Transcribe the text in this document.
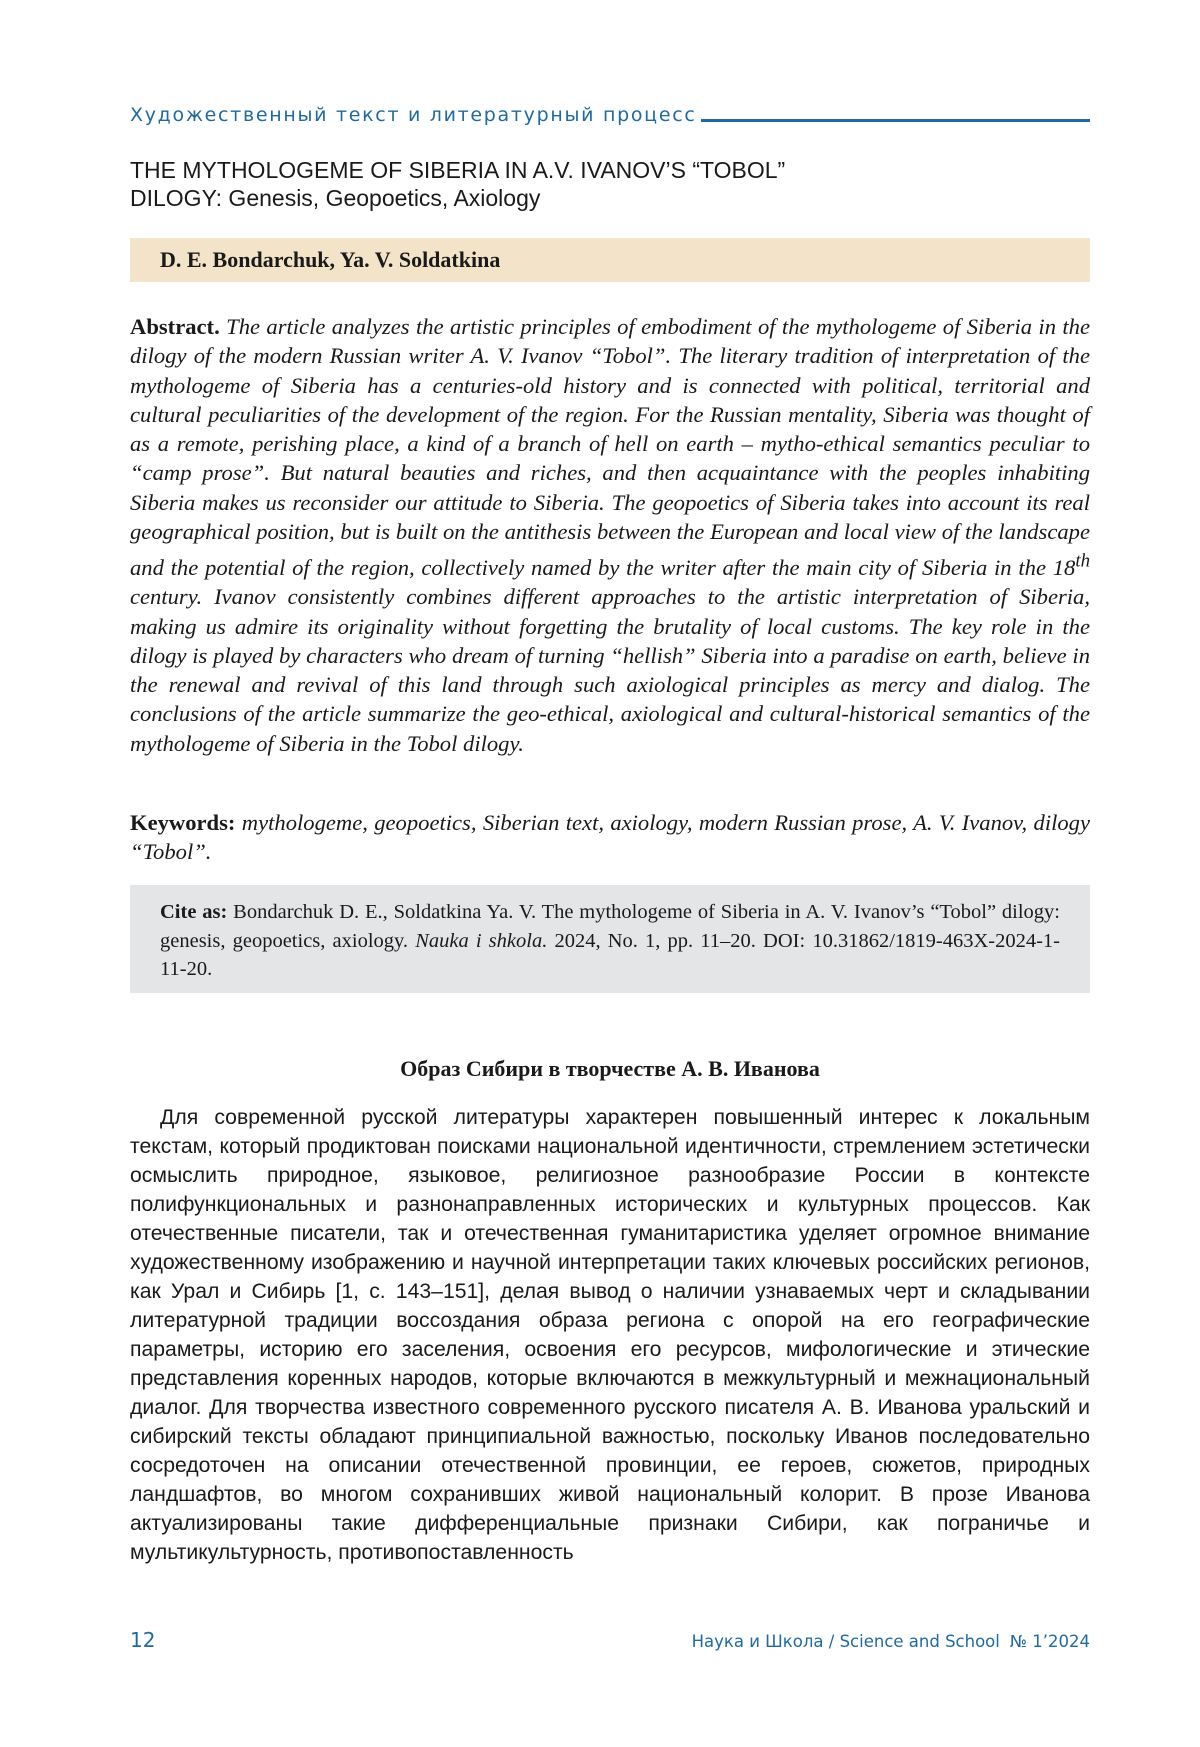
Художественный текст и литературный процесс
THE MYTHOLOGEME OF SIBERIA IN A.V. IVANOV’S “TOBOL”
DILOGY: Genesis, Geopoetics, Axiology
D. E. Bondarchuk, Ya. V. Soldatkina
Abstract. The article analyzes the artistic principles of embodiment of the mythologeme of Siberia in the dilogy of the modern Russian writer A. V. Ivanov “Tobol”. The literary tradition of interpretation of the mythologeme of Siberia has a centuries-old history and is connected with political, territorial and cultural peculiarities of the development of the region. For the Russian mentality, Siberia was thought of as a remote, perishing place, a kind of a branch of hell on earth – mytho-ethical semantics peculiar to “camp prose”. But natural beauties and riches, and then acquaintance with the peoples inhabiting Siberia makes us reconsider our attitude to Siberia. The geopoetics of Siberia takes into account its real geographical position, but is built on the antithesis between the European and local view of the landscape and the potential of the region, collectively named by the writer after the main city of Siberia in the 18th century. Ivanov consistently combines different approaches to the artistic interpretation of Siberia, making us admire its originality without forgetting the brutality of local customs. The key role in the dilogy is played by characters who dream of turning “hellish” Siberia into a paradise on earth, believe in the renewal and revival of this land through such axiological principles as mercy and dialog. The conclusions of the article summarize the geo-ethical, axiological and cultural-historical semantics of the mythologeme of Siberia in the Tobol dilogy.
Keywords: mythologeme, geopoetics, Siberian text, axiology, modern Russian prose, A. V. Ivanov, dilogy “Tobol”.
Cite as: Bondarchuk D. E., Soldatkina Ya. V. The mythologeme of Siberia in A. V. Ivanov’s “Tobol” dilogy: genesis, geopoetics, axiology. Nauka i shkola. 2024, No. 1, pp. 11–20. DOI: 10.31862/1819-463X-2024-1-11-20.
Образ Сибири в творчестве А. В. Иванова
Для современной русской литературы характерен повышенный интерес к локальным текстам, который продиктован поисками национальной идентичности, стремлением эстетически осмыслить природное, языковое, религиозное разнообразие России в контексте полифункциональных и разнонаправленных исторических и культурных процессов. Как отечественные писатели, так и отечественная гуманитаристика уделяет огромное внимание художественному изображению и научной интерпретации таких ключевых российских регионов, как Урал и Сибирь [1, с. 143–151], делая вывод о наличии узнаваемых черт и складывании литературной традиции воссоздания образа региона с опорой на его географические параметры, историю его заселения, освоения его ресурсов, мифологические и этические представления коренных народов, которые включаются в межкультурный и межнациональный диалог. Для творчества известного современного русского писателя А. В. Иванова уральский и сибирский тексты обладают принципиальной важностью, поскольку Иванов последовательно сосредоточен на описании отечественной провинции, ее героев, сюжетов, природных ландшафтов, во многом сохранивших живой национальный колорит. В прозе Иванова актуализированы такие дифференциальные признаки Сибири, как пограничье и мультикультурность, противопоставленность
12	Наука и Школа / Science and School № 1’2024
